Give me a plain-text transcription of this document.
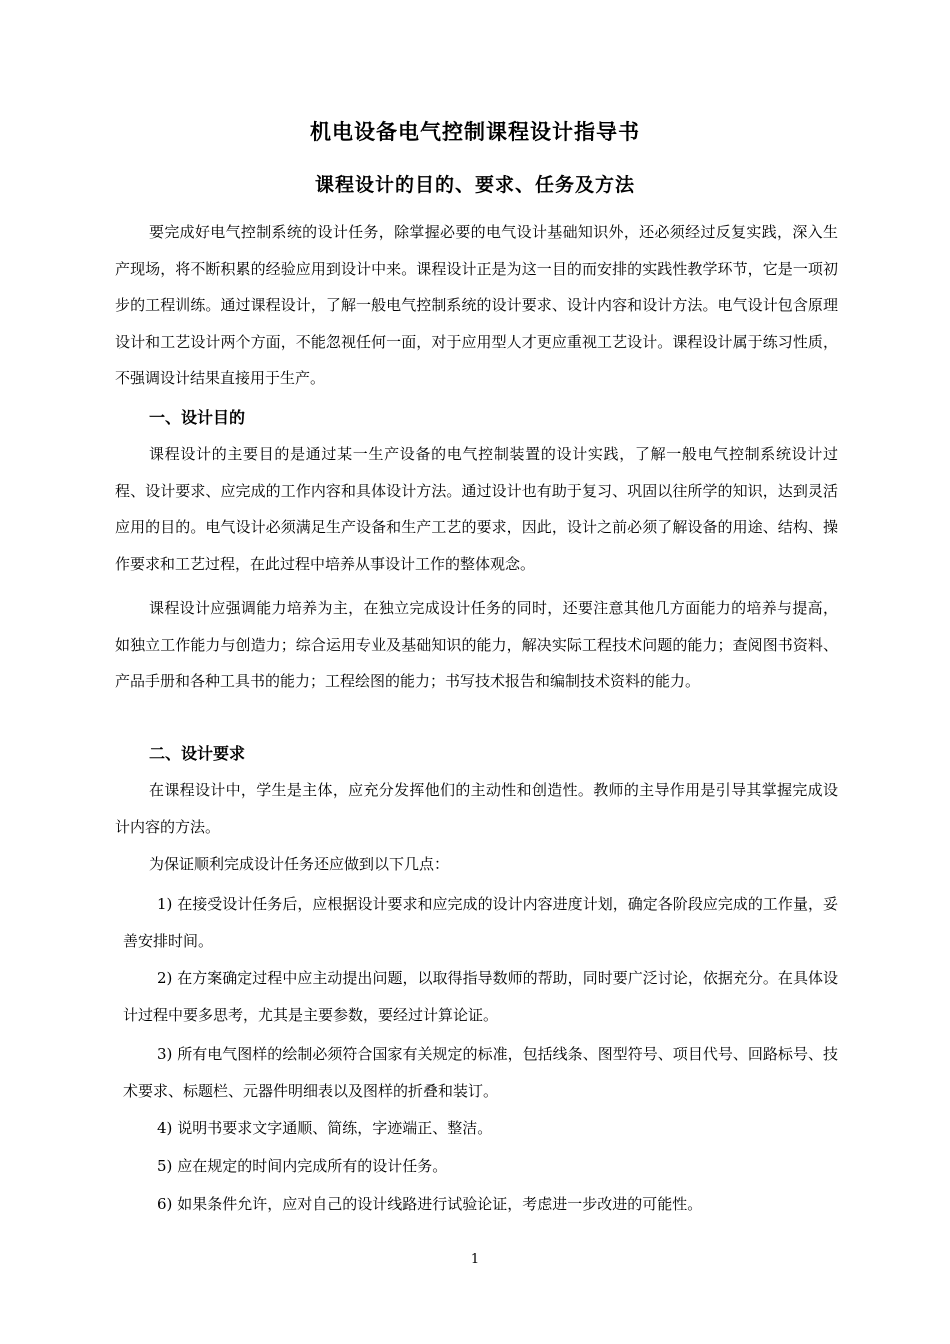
机电设备电气控制课程设计指导书
课程设计的目的、要求、任务及方法

要完成好电气控制系统的设计任务，除掌握必要的电气设计基础知识外，还必须经过反复实践，深入生产现场，将不断积累的经验应用到设计中来。课程设计正是为这一目的而安排的实践性教学环节，它是一项初步的工程训练。通过课程设计，了解一般电气控制系统的设计要求、设计内容和设计方法。电气设计包含原理设计和工艺设计两个方面，不能忽视任何一面，对于应用型人才更应重视工艺设计。课程设计属于练习性质，不强调设计结果直接用于生产。

一、设计目的

课程设计的主要目的是通过某一生产设备的电气控制装置的设计实践，了解一般电气控制系统设计过程、设计要求、应完成的工作内容和具体设计方法。通过设计也有助于复习、巩固以往所学的知识，达到灵活应用的目的。电气设计必须满足生产设备和生产工艺的要求，因此，设计之前必须了解设备的用途、结构、操作要求和工艺过程，在此过程中培养从事设计工作的整体观念。

课程设计应强调能力培养为主，在独立完成设计任务的同时，还要注意其他几方面能力的培养与提高，如独立工作能力与创造力；综合运用专业及基础知识的能力，解决实际工程技术问题的能力；查阅图书资料、产品手册和各种工具书的能力；工程绘图的能力；书写技术报告和编制技术资料的能力。

二、设计要求

在课程设计中，学生是主体，应充分发挥他们的主动性和创造性。教师的主导作用是引导其掌握完成设计内容的方法。

为保证顺利完成设计任务还应做到以下几点：

1) 在接受设计任务后，应根据设计要求和应完成的设计内容进度计划，确定各阶段应完成的工作量，妥善安排时间。

2) 在方案确定过程中应主动提出问题，以取得指导数师的帮助，同时要广泛讨论，依据充分。在具体设计过程中要多思考，尤其是主要参数，要经过计算论证。

3) 所有电气图样的绘制必须符合国家有关规定的标准，包括线条、图型符号、项目代号、回路标号、技术要求、标题栏、元器件明细表以及图样的折叠和装订。

4) 说明书要求文字通顺、简练，字迹端正、整洁。

5) 应在规定的时间内完成所有的设计任务。

6) 如果条件允许，应对自己的设计线路进行试验论证，考虑进一步改进的可能性。

1
